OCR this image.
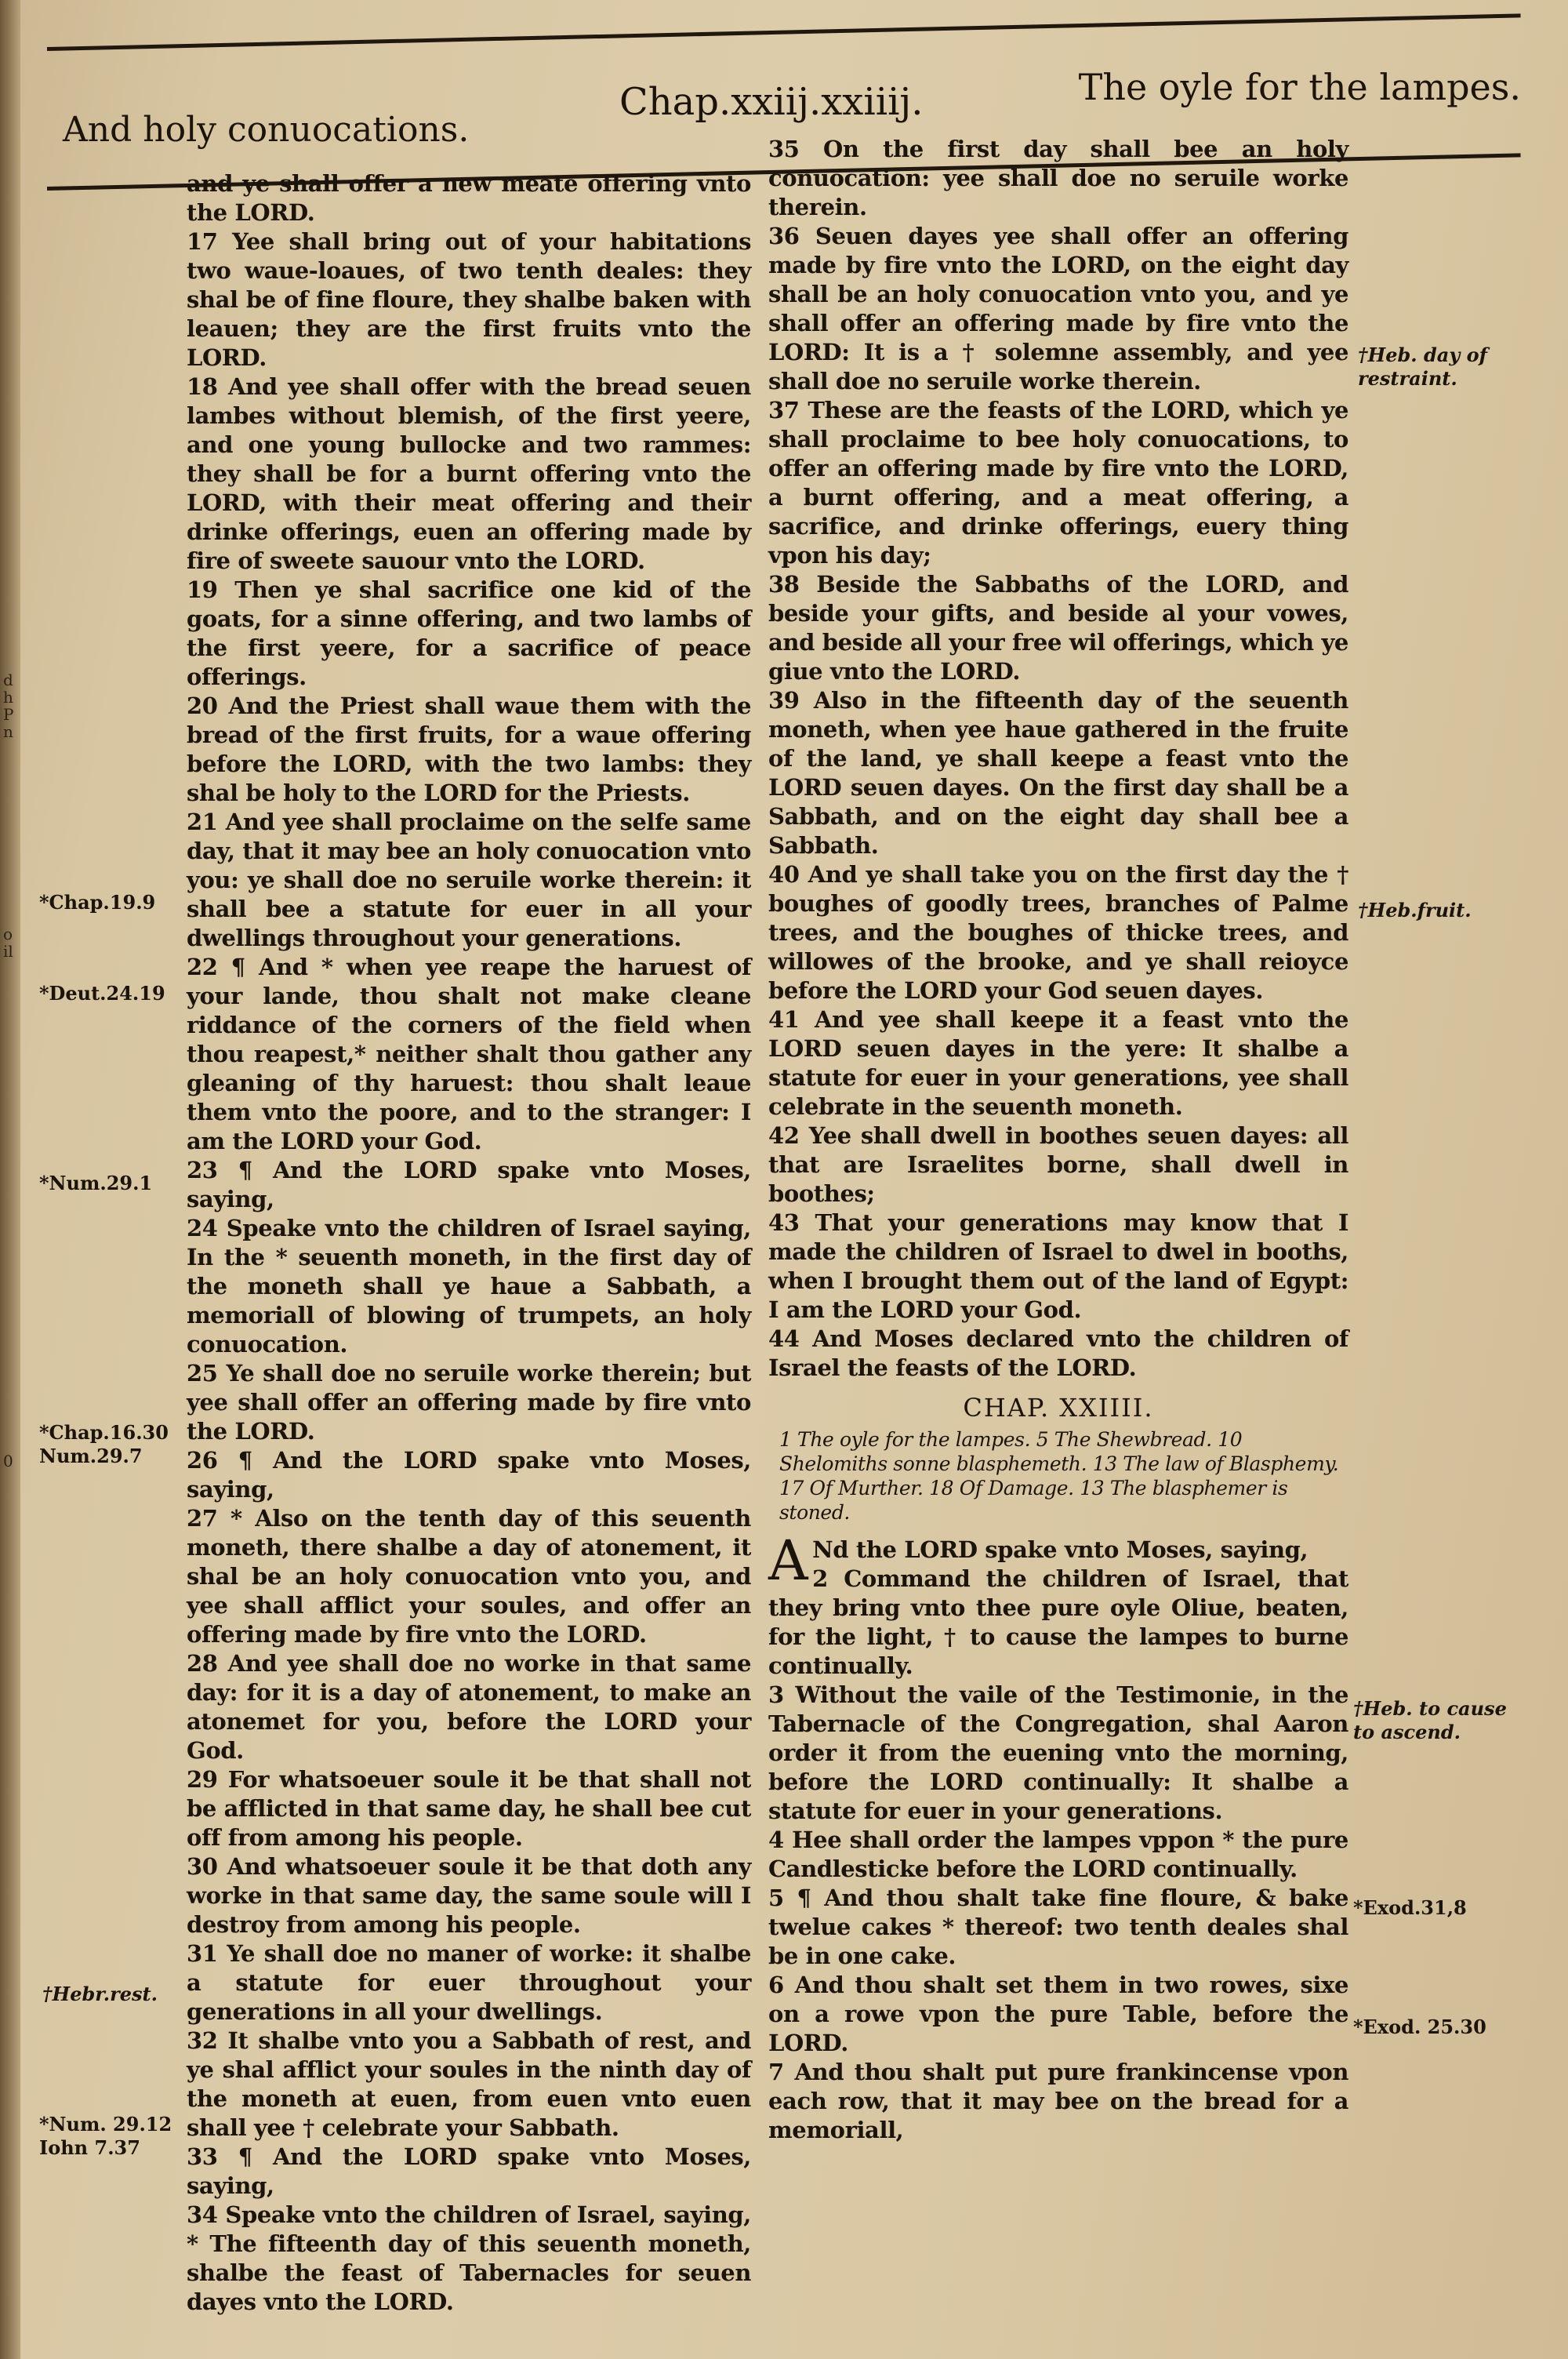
And holy conuocations.
Chap.xxiij.xxiiij.	The oyle for the lampes.
d
h
P
n
o
il
0

and ye shall offer a new meate offering vnto the LORD.

17 Yee shall bring out of your habitations two waue-loaues, of two tenth deales: they shal be of fine floure, they shalbe baken with leauen; they are the first fruits vnto the LORD.

18 And yee shall offer with the bread seuen lambes without blemish, of the first yeere, and one young bullocke and two rammes: they shall be for a burnt offering vnto the LORD, with their meat offering and their drinke offerings, euen an offering made by fire of sweete sauour vnto the LORD.

19 Then ye shal sacrifice one kid of the goats, for a sinne offering, and two lambs of the first yeere, for a sacrifice of peace offerings.

20 And the Priest shall waue them with the bread of the first fruits, for a waue offering before the LORD, with the two lambs: they shal be holy to the LORD for the Priests.

21 And yee shall proclaime on the selfe same day, that it may bee an holy conuocation vnto you: ye shall doe no seruile worke therein: it shall bee a statute for euer in all your dwellings throughout your generations.

22 ¶ And * when yee reape the haruest of your lande, thou shalt not make cleane riddance of the corners of the field when thou reapest,* neither shalt thou gather any gleaning of thy haruest: thou shalt leaue them vnto the poore, and to the stranger: I am the LORD your God.

23 ¶ And the LORD spake vnto Moses, saying,

24 Speake vnto the children of Israel saying, In the * seuenth moneth, in the first day of the moneth shall ye haue a Sabbath, a memoriall of blowing of trumpets, an holy conuocation.

25 Ye shall doe no seruile worke therein; but yee shall offer an offering made by fire vnto the LORD.

26 ¶ And the LORD spake vnto Moses, saying,

27 * Also on the tenth day of this seuenth moneth, there shalbe a day of atonement, it shal be an holy conuocation vnto you, and yee shall afflict your soules, and offer an offering made by fire vnto the LORD.

28 And yee shall doe no worke in that same day: for it is a day of atonement, to make an atonemet for you, before the LORD your God.

29 For whatsoeuer soule it be that shall not be afflicted in that same day, he shall bee cut off from among his people.

30 And whatsoeuer soule it be that doth any worke in that same day, the same soule will I destroy from among his people.

31 Ye shall doe no maner of worke: it shalbe a statute for euer throughout your generations in all your dwellings.

32 It shalbe vnto you a Sabbath of rest, and ye shal afflict your soules in the ninth day of the moneth at euen, from euen vnto euen shall yee † celebrate your Sabbath.

33 ¶ And the LORD spake vnto Moses, saying,

34 Speake vnto the children of Israel, saying, * The fifteenth day of this seuenth moneth, shalbe the feast of Tabernacles for seuen dayes vnto the LORD.

35 On the first day shall bee an holy conuocation: yee shall doe no seruile worke therein.

36 Seuen dayes yee shall offer an offering made by fire vnto the LORD, on the eight day shall be an holy conuocation vnto you, and ye shall offer an offering made by fire vnto the LORD: It is a † solemne assembly, and yee shall doe no seruile worke therein.

37 These are the feasts of the LORD, which ye shall proclaime to bee holy conuocations, to offer an offering made by fire vnto the LORD, a burnt offering, and a meat offering, a sacrifice, and drinke offerings, euery thing vpon his day;

38 Beside the Sabbaths of the LORD, and beside your gifts, and beside al your vowes, and beside all your free wil offerings, which ye giue vnto the LORD.

39 Also in the fifteenth day of the seuenth moneth, when yee haue gathered in the fruite of the land, ye shall keepe a feast vnto the LORD seuen dayes. On the first day shall be a Sabbath, and on the eight day shall bee a Sabbath.

40 And ye shall take you on the first day the † boughes of goodly trees, branches of Palme trees, and the boughes of thicke trees, and willowes of the brooke, and ye shall reioyce before the LORD your God seuen dayes.

41 And yee shall keepe it a feast vnto the LORD seuen dayes in the yere: It shalbe a statute for euer in your generations, yee shall celebrate in the seuenth moneth.

42 Yee shall dwell in boothes seuen dayes: all that are Israelites borne, shall dwell in boothes;

43 That your generations may know that I made the children of Israel to dwel in booths, when I brought them out of the land of Egypt: I am the LORD your God.

44 And Moses declared vnto the children of Israel the feasts of the LORD.

CHAP. XXIIII.
1 The oyle for the lampes. 5 The Shewbread. 10 Shelomiths sonne blasphemeth. 13 The law of Blasphemy. 17 Of Murther. 18 Of Damage. 13 The blasphemer is stoned.

A Nd the LORD spake vnto Moses, saying,

2 Command the children of Israel, that they bring vnto thee pure oyle Oliue, beaten, for the light, † to cause the lampes to burne continually.

3 Without the vaile of the Testimonie, in the Tabernacle of the Congregation, shal Aaron order it from the euening vnto the morning, before the LORD continually: It shalbe a statute for euer in your generations.

4 Hee shall order the lampes vppon * the pure Candlesticke before the LORD continually.

5 ¶ And thou shalt take fine floure, & bake twelue cakes * thereof: two tenth deales shal be in one cake.

6 And thou shalt set them in two rowes, sixe on a rowe vpon the pure Table, before the LORD.

7 And thou shalt put pure frankincense vpon each row, that it may bee on the bread for a memoriall,

*Chap.19.9
*Deut.24.19
*Num.29.1
*Chap.16.30
Num.29.7
†Hebr.rest.
*Num. 29.12
Iohn 7.37
†Heb. day of
restraint.
†Heb.fruit.
†Heb. to cause
to ascend.
*Exod.31,8
*Exod. 25.30
